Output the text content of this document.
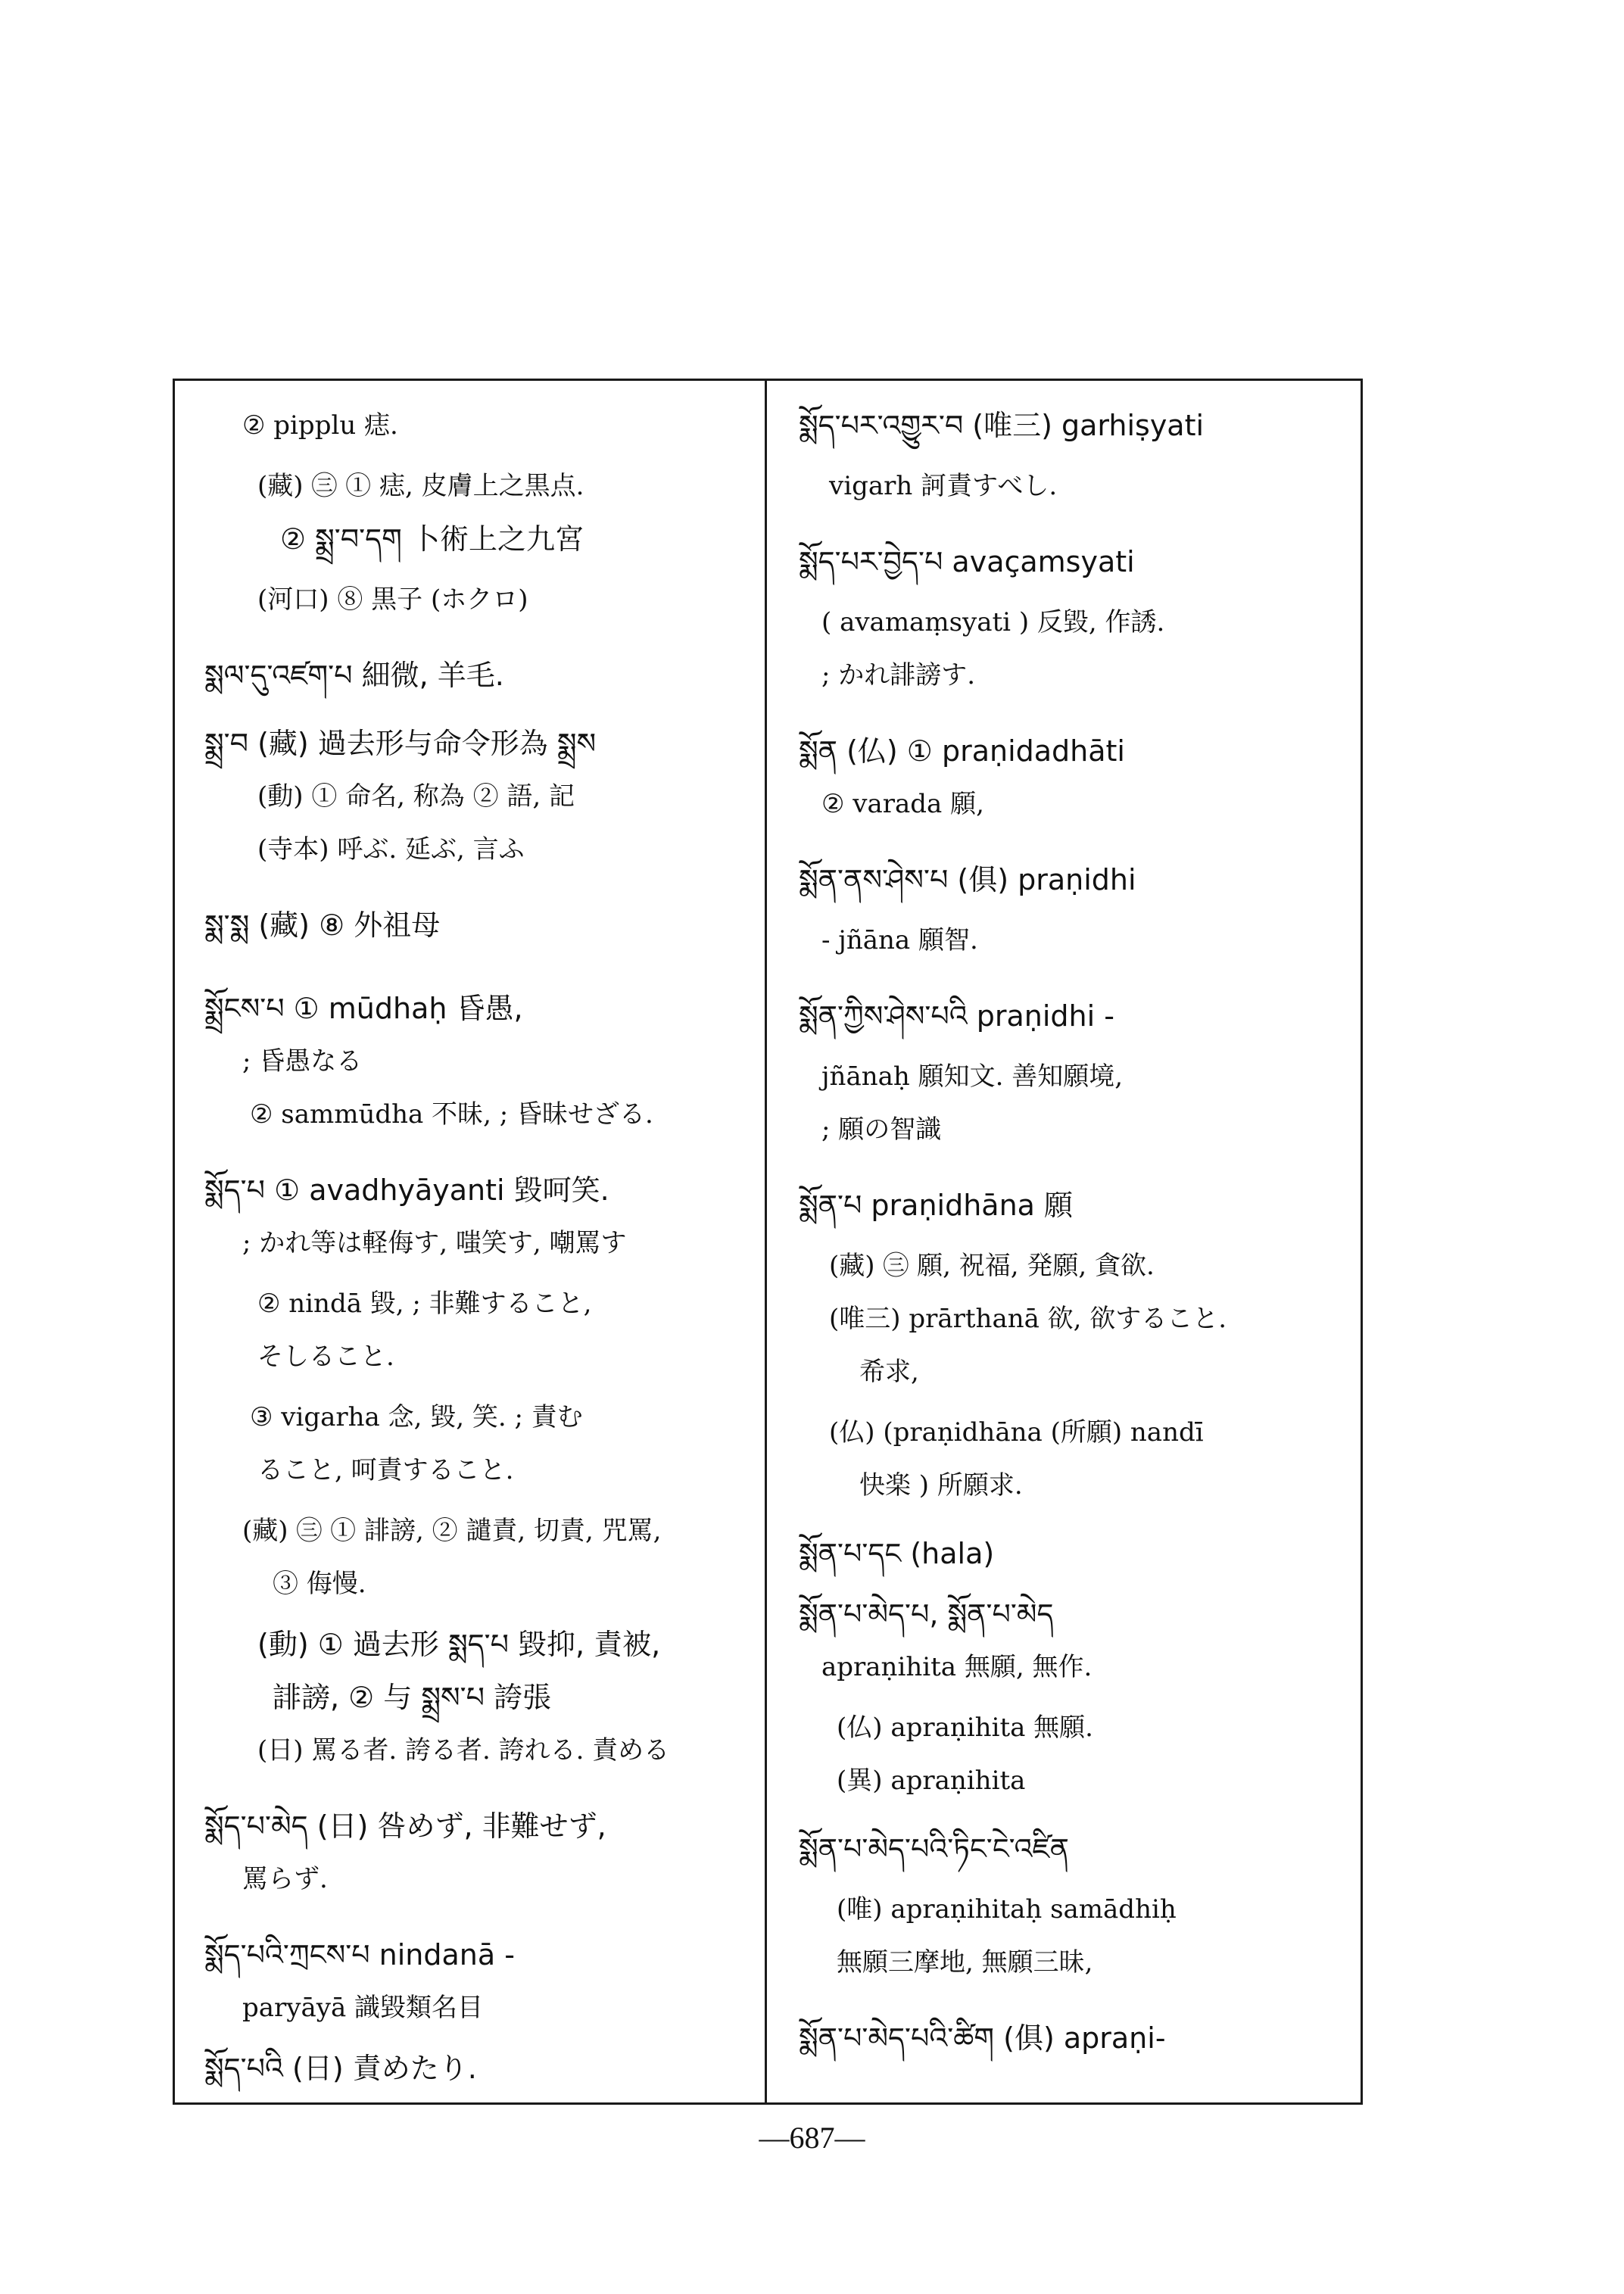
② pipplu 痣.
(藏) ㊂ ① 痣, 皮膚上之黒点.
② སྨྲ་བ་དག 卜術上之九宮
(河口) ⑧ 黒子 (ホクロ)
སྨལ་དུ་འཛག་པ 細微, 羊毛.
སྨྲ་བ (藏) 過去形与命令形為 སྨྲས
(動) ① 命名, 称為 ② 語, 記
(寺本) 呼ぶ. 延ぶ, 言ふ
སྨ་སྨ (藏) ⑧ 外祖母
སྨྲོངས་པ ① mūdhaḥ 昏愚,
; 昏愚なる
② sammūdha 不昧, ; 昏昧せざる.
སྨོད་པ ① avadhyāyanti 毀呵笑.
; かれ等は軽侮す, 嗤笑す, 嘲罵す
② nindā 毀, ; 非難すること,
そしること.
③ vigarha 念, 毀, 笑. ; 責む
ること, 呵責すること.
(藏) ㊂ ① 誹謗, ② 譴責, 切責, 咒罵,
③ 侮慢.
(動) ① 過去形 སྨད་པ 毀抑, 責被,
誹謗, ② 与 སྨྲས་པ 誇張
(日) 罵る者. 誇る者. 誇れる. 責める
སྨོད་པ་མེད (日) 咎めず, 非難せず,
罵らず.
སྨོད་པའི་ཀྲངས་པ nindanā -
paryāyā 識毀類名目
སྨོད་པའི (日) 責めたり.
སྨོད་པར་འགྱུར་བ (唯三) garhiṣyati
vigarh 訶責すべし.
སྨོད་པར་བྱེད་པ avaçamsyati
( avamaṃsyati ) 反毀, 作誘.
; かれ誹謗す.
སྨོན (仏) ① praṇidadhāti
② varada 願,
སྨོན་ནས་ཤེས་པ (俱) praṇidhi
- jñāna 願智.
སྨོན་ཀྱིས་ཤེས་པའི praṇidhi -
jñānaḥ 願知文. 善知願境,
; 願の智識
སྨོན་པ praṇidhāna 願
(藏) ㊂ 願, 祝福, 発願, 貪欲.
(唯三) prārthanā 欲, 欲すること.
希求,
(仏) (praṇidhāna (所願) nandī
快楽 ) 所願求.
སྨོན་པ་དང (hala)
སྨོན་པ་མེད་པ, སྨོན་པ་མེད
apraṇihita 無願, 無作.
(仏) apraṇihita 無願.
(異) apraṇihita
སྨོན་པ་མེད་པའི་ཏིང་ངེ་འཛིན
(唯) apraṇihitaḥ samādhiḥ
無願三摩地, 無願三昧,
སྨོན་པ་མེད་པའི་ཚིག (俱) apraṇi-
—687—
